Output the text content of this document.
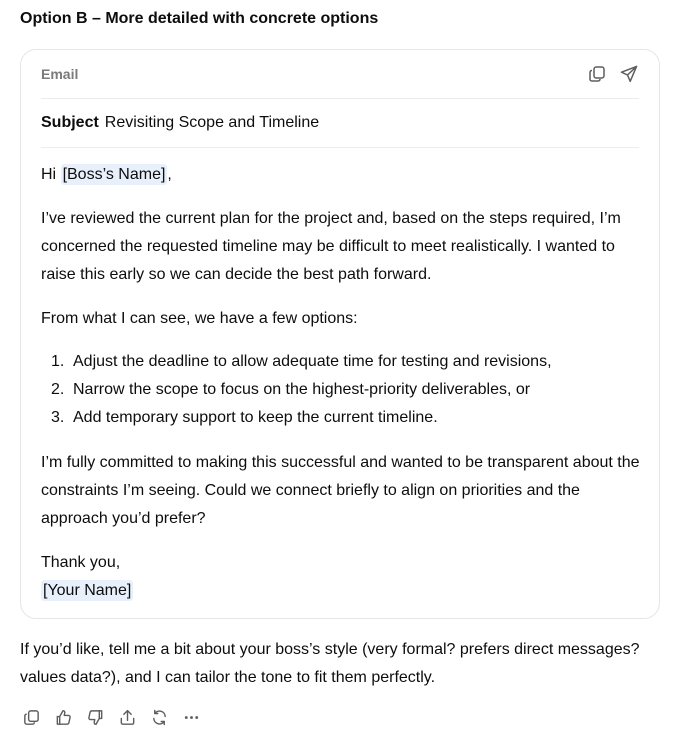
Option B – More detailed with concrete options
Email
Subject Revisiting Scope and Timeline
Hi [Boss’s Name] ,
I’ve reviewed the current plan for the project and, based on the steps required, I’m concerned the requested timeline may be difficult to meet realistically. I wanted to raise this early so we can decide the best path forward.
From what I can see, we have a few options:
1. Adjust the deadline to allow adequate time for testing and revisions,
2. Narrow the scope to focus on the highest-priority deliverables, or
3. Add temporary support to keep the current timeline.
I’m fully committed to making this successful and wanted to be transparent about the constraints I’m seeing. Could we connect briefly to align on priorities and the approach you’d prefer?
Thank you,
[Your Name]
If you’d like, tell me a bit about your boss’s style (very formal? prefers direct messages? values data?), and I can tailor the tone to fit them perfectly.
